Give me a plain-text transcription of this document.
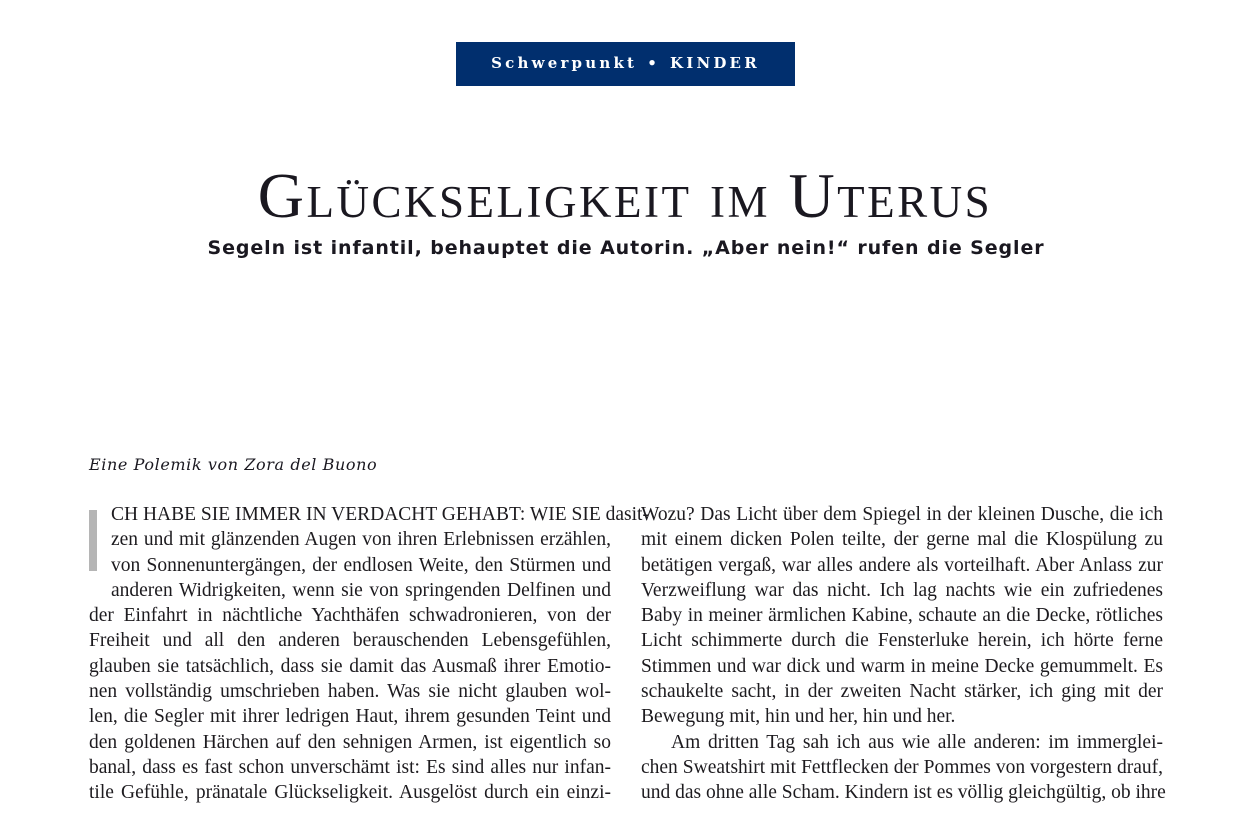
Schwerpunkt • KINDER
Glückseligkeit im Uterus

Segeln ist infantil, behauptet die Autorin. „Aber nein!“ rufen die Segler

Eine Polemik von Zora del Buono
CH HABE SIE IMMER IN VERDACHT GEHABT: WIE SIE dasit-
zen und mit glänzenden Augen von ihren Erlebnissen erzählen,
von Sonnenuntergängen, der endlosen Weite, den Stürmen und
anderen Widrigkeiten, wenn sie von springenden Delfinen und
der Einfahrt in nächtliche Yachthäfen schwadronieren, von der
Freiheit und all den anderen berauschenden Lebensgefühlen,
glauben sie tatsächlich, dass sie damit das Ausmaß ihrer Emotio-
nen vollständig umschrieben haben. Was sie nicht glauben wol-
len, die Segler mit ihrer ledrigen Haut, ihrem gesunden Teint und
den goldenen Härchen auf den sehnigen Armen, ist eigentlich so
banal, dass es fast schon unverschämt ist: Es sind alles nur infan-
tile Gefühle, pränatale Glückseligkeit. Ausgelöst durch ein einzi-
Wozu? Das Licht über dem Spiegel in der kleinen Dusche, die ich
mit einem dicken Polen teilte, der gerne mal die Klospülung zu
betätigen vergaß, war alles andere als vorteilhaft. Aber Anlass zur
Verzweiflung war das nicht. Ich lag nachts wie ein zufriedenes
Baby in meiner ärmlichen Kabine, schaute an die Decke, rötliches
Licht schimmerte durch die Fensterluke herein, ich hörte ferne
Stimmen und war dick und warm in meine Decke gemummelt. Es
schaukelte sacht, in der zweiten Nacht stärker, ich ging mit der
Bewegung mit, hin und her, hin und her.
Am dritten Tag sah ich aus wie alle anderen: im immerglei-
chen Sweatshirt mit Fettflecken der Pommes von vorgestern drauf,
und das ohne alle Scham. Kindern ist es völlig gleichgültig, ob ihre
